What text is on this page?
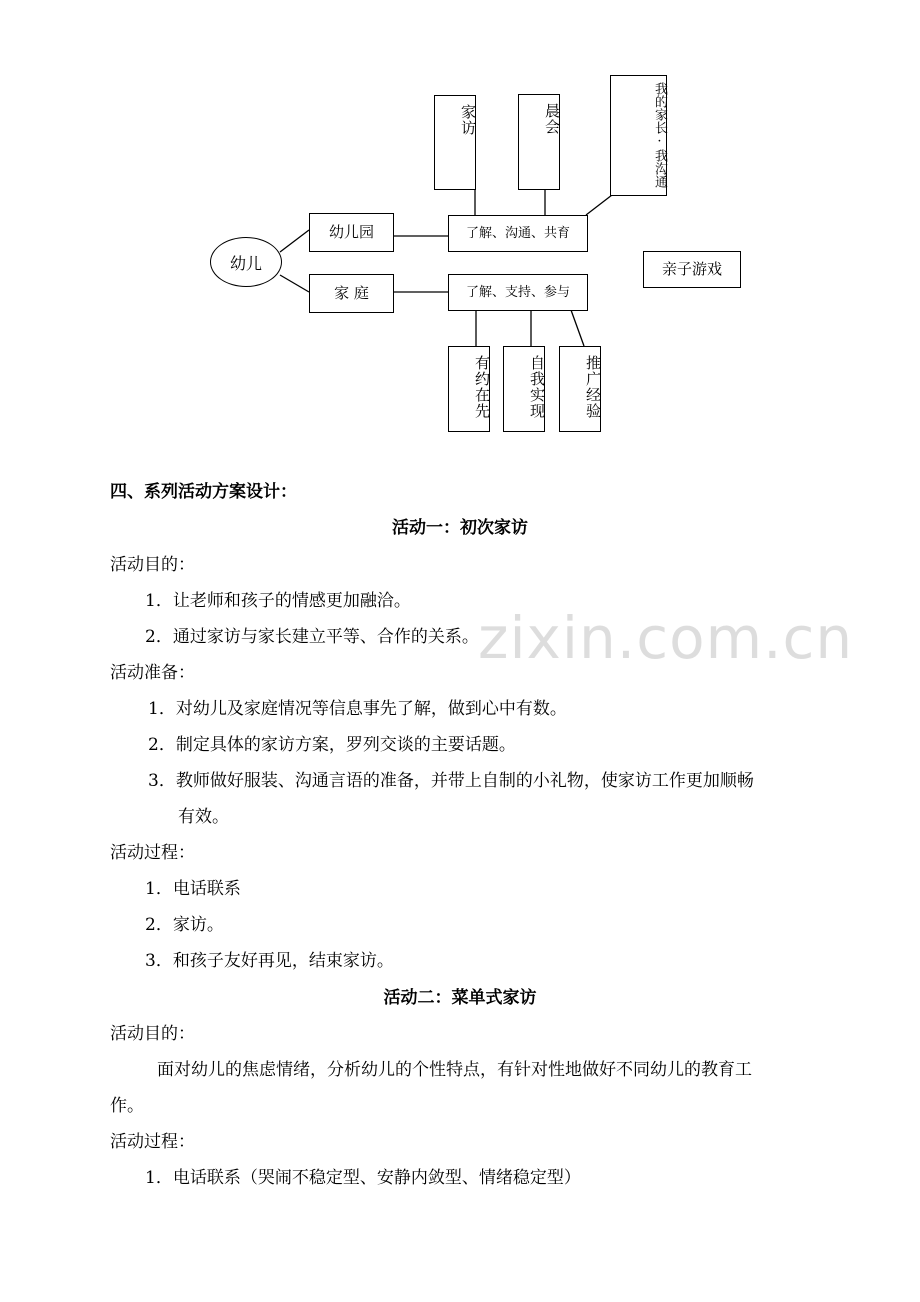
幼儿
幼儿园
家 庭
了解、沟通、共育
了解、支持、参与
家访	晨会	我的家长·我沟通
有约在先	自我实现	推广经验
亲子游戏
四、系列活动方案设计：
活动一：初次家访
活动目的：
1．让老师和孩子的情感更加融洽。
2．通过家访与家长建立平等、合作的关系。
活动准备：
1．对幼儿及家庭情况等信息事先了解，做到心中有数。
2．制定具体的家访方案，罗列交谈的主要话题。
3．教师做好服装、沟通言语的准备，并带上自制的小礼物，使家访工作更加顺畅
有效。
活动过程：
1．电话联系
2．家访。
3．和孩子友好再见，结束家访。
活动二：菜单式家访
活动目的：
面对幼儿的焦虑情绪，分析幼儿的个性特点，有针对性地做好不同幼儿的教育工
作。
活动过程：
1．电话联系（哭闹不稳定型、安静内敛型、情绪稳定型）
zixin.com.cn
